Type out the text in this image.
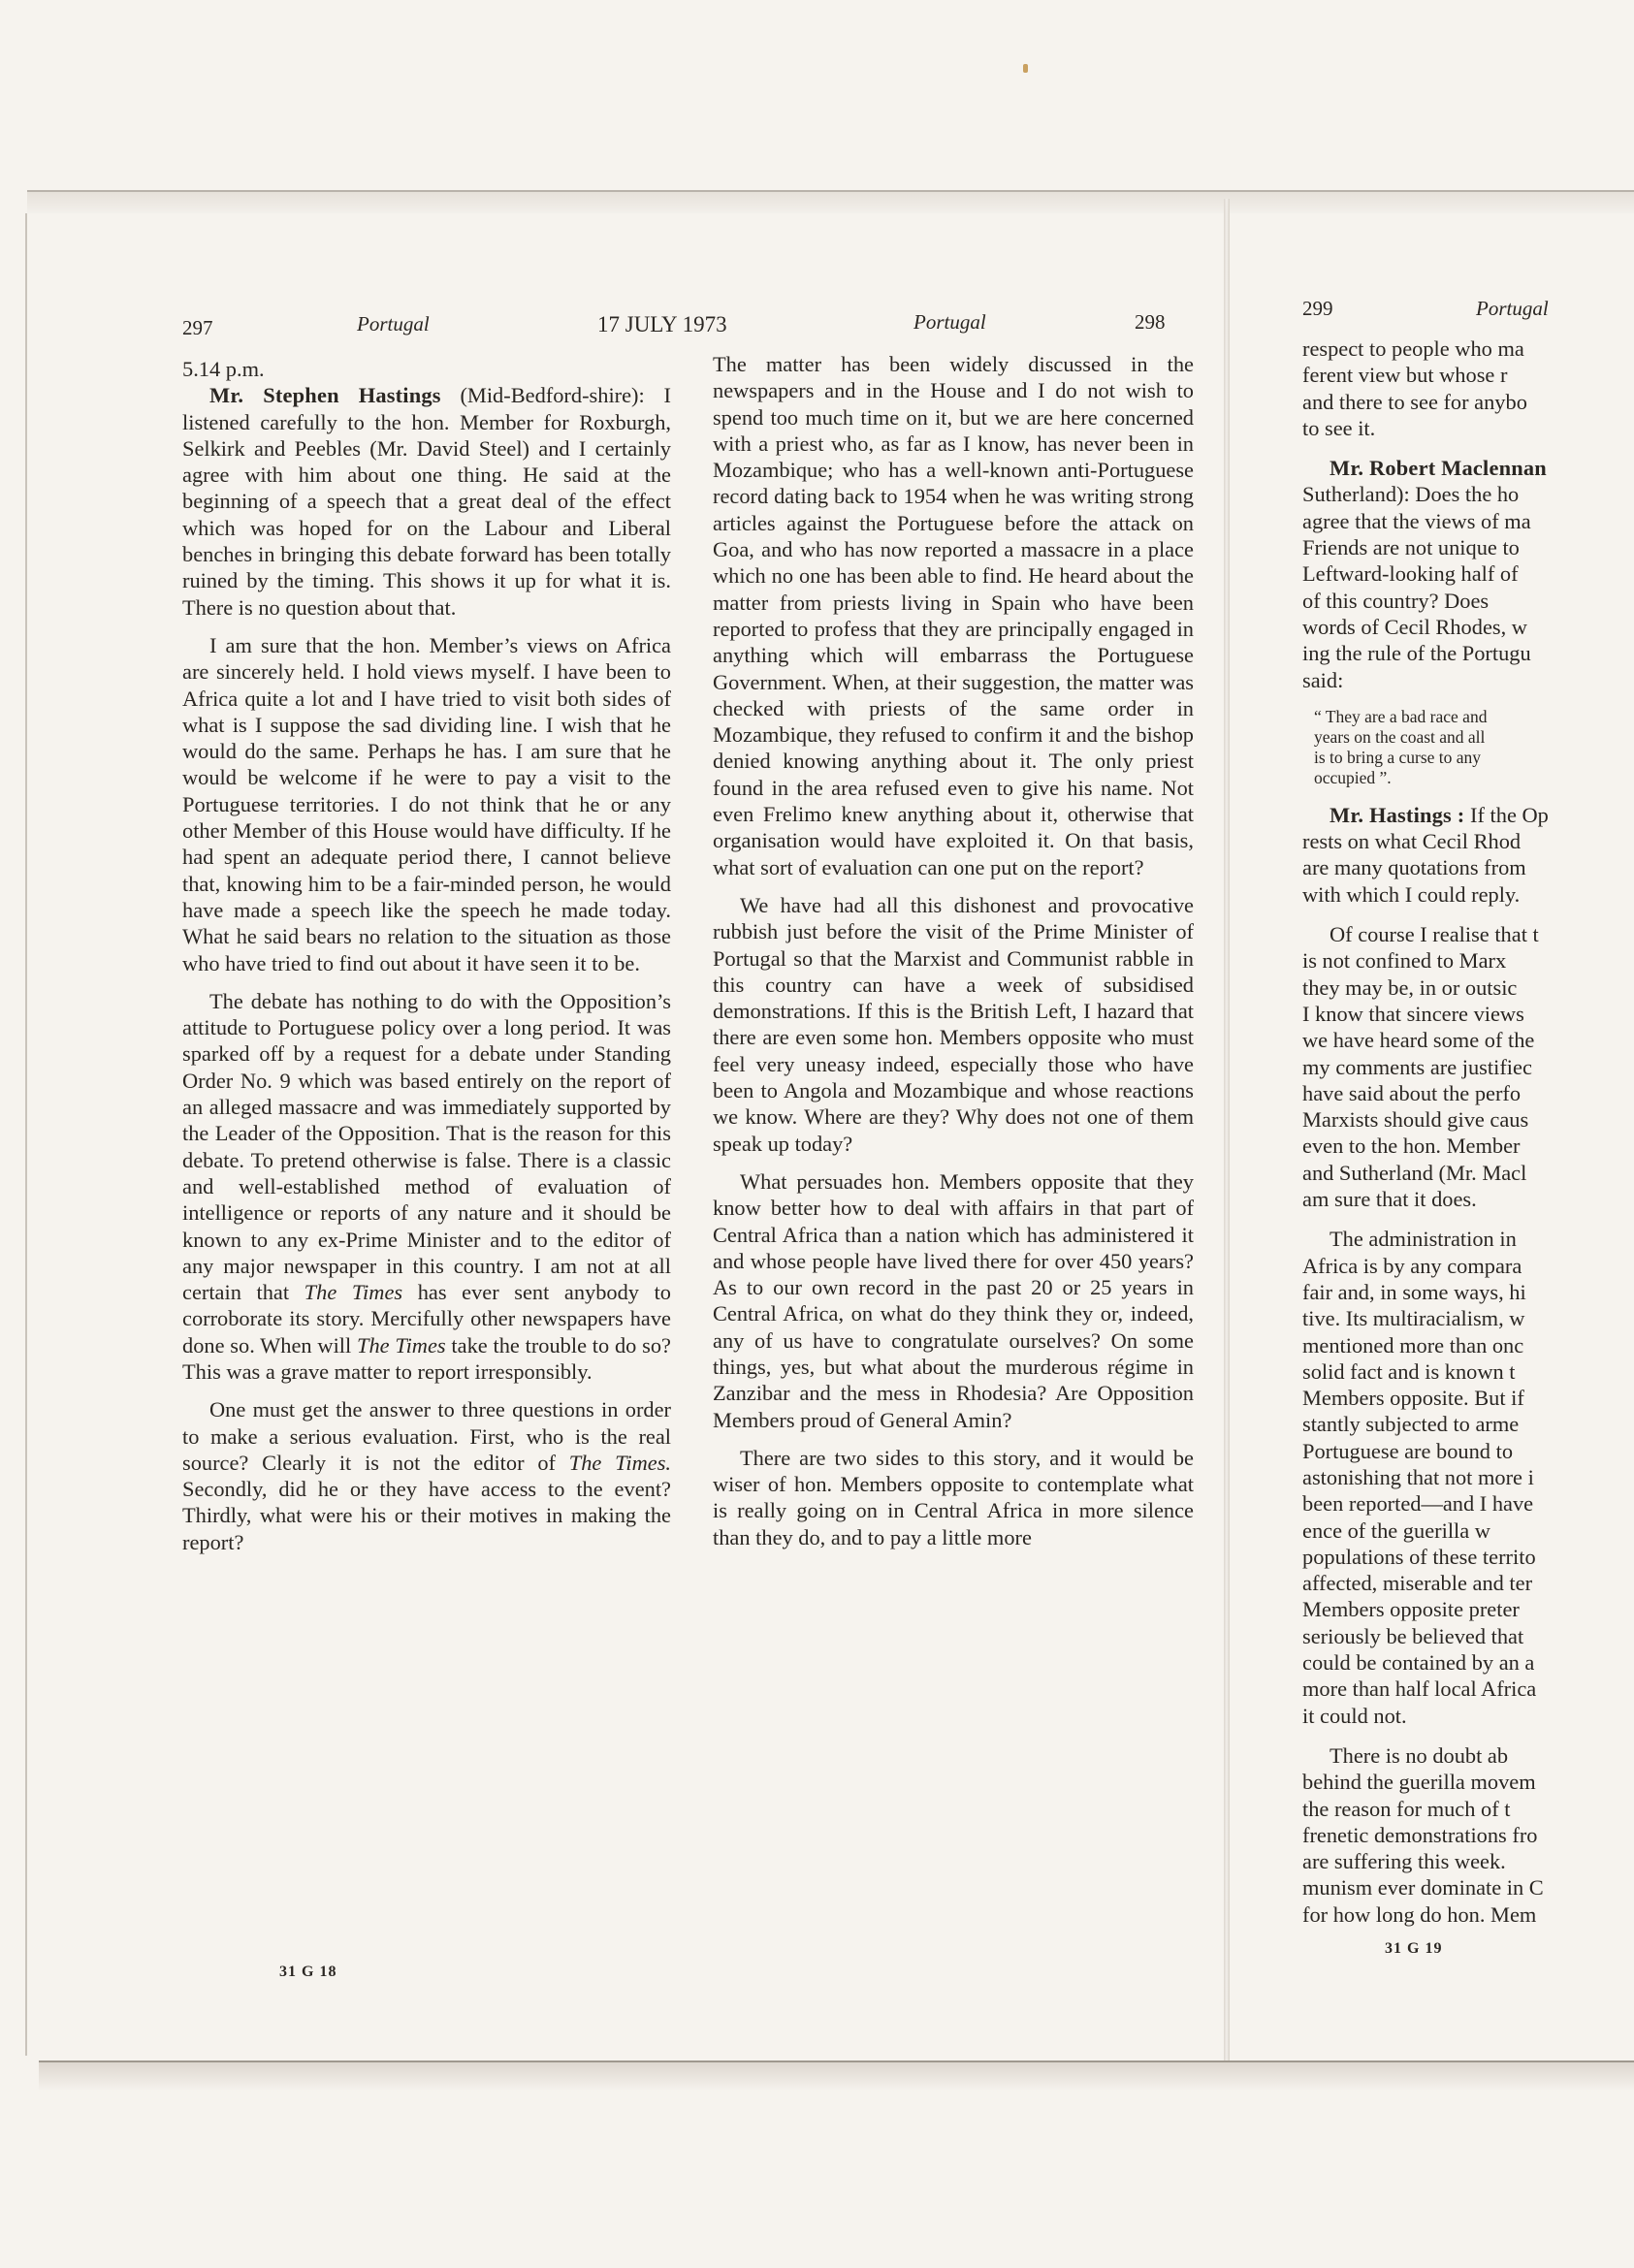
297	Portugal	17 JULY 1973	Portugal	298
299	Portugal

5.14 p.m.

Mr. Stephen Hastings (Mid-Bedford-shire): I listened carefully to the hon. Member for Roxburgh, Selkirk and Peebles (Mr. David Steel) and I certainly agree with him about one thing. He said at the beginning of a speech that a great deal of the effect which was hoped for on the Labour and Liberal benches in bringing this debate forward has been totally ruined by the timing. This shows it up for what it is. There is no question about that.

I am sure that the hon. Member’s views on Africa are sincerely held. I hold views myself. I have been to Africa quite a lot and I have tried to visit both sides of what is I suppose the sad dividing line. I wish that he would do the same. Perhaps he has. I am sure that he would be welcome if he were to pay a visit to the Portuguese territories. I do not think that he or any other Member of this House would have difficulty. If he had spent an adequate period there, I cannot believe that, knowing him to be a fair-minded person, he would have made a speech like the speech he made today. What he said bears no relation to the situation as those who have tried to find out about it have seen it to be.

The debate has nothing to do with the Opposition’s attitude to Portuguese policy over a long period. It was sparked off by a request for a debate under Standing Order No. 9 which was based entirely on the report of an alleged massacre and was immediately supported by the Leader of the Opposition. That is the reason for this debate. To pretend otherwise is false. There is a classic and well-established method of evaluation of intelligence or reports of any nature and it should be known to any ex-Prime Minister and to the editor of any major newspaper in this country. I am not at all certain that The Times has ever sent anybody to corroborate its story. Mercifully other newspapers have done so. When will The Times take the trouble to do so? This was a grave matter to report irresponsibly.

One must get the answer to three questions in order to make a serious evaluation. First, who is the real source? Clearly it is not the editor of The Times. Secondly, did he or they have access to the event? Thirdly, what were his or their motives in making the report?

31 G 18

The matter has been widely discussed in the newspapers and in the House and I do not wish to spend too much time on it, but we are here concerned with a priest who, as far as I know, has never been in Mozambique; who has a well-known anti-Portuguese record dating back to 1954 when he was writing strong articles against the Portuguese before the attack on Goa, and who has now reported a massacre in a place which no one has been able to find. He heard about the matter from priests living in Spain who have been reported to profess that they are principally engaged in anything which will embarrass the Portuguese Government. When, at their suggestion, the matter was checked with priests of the same order in Mozambique, they refused to confirm it and the bishop denied knowing anything about it. The only priest found in the area refused even to give his name. Not even Frelimo knew anything about it, otherwise that organisation would have exploited it. On that basis, what sort of evaluation can one put on the report?

We have had all this dishonest and provocative rubbish just before the visit of the Prime Minister of Portugal so that the Marxist and Communist rabble in this country can have a week of subsidised demonstrations. If this is the British Left, I hazard that there are even some hon. Members opposite who must feel very uneasy indeed, especially those who have been to Angola and Mozambique and whose reactions we know. Where are they? Why does not one of them speak up today?

What persuades hon. Members opposite that they know better how to deal with affairs in that part of Central Africa than a nation which has administered it and whose people have lived there for over 450 years? As to our own record in the past 20 or 25 years in Central Africa, on what do they think they or, indeed, any of us have to congratulate ourselves? On some things, yes, but what about the murderous régime in Zanzibar and the mess in Rhodesia? Are Opposition Members proud of General Amin?

There are two sides to this story, and it would be wiser of hon. Members opposite to contemplate what is really going on in Central Africa in more silence than they do, and to pay a little more

respect to people who ma
ferent view but whose r
and there to see for anybo
to see it.
Mr. Robert Maclennan
Sutherland): Does the ho
agree that the views of ma
Friends are not unique to
Leftward-looking half of
of this country? Does
words of Cecil Rhodes, w
ing the rule of the Portugu
said:
“ They are a bad race and
years on the coast and all
is to bring a curse to any
occupied ”.
Mr. Hastings : If the Op
rests on what Cecil Rhod
are many quotations from
with which I could reply.
Of course I realise that t
is not confined to Marx
they may be, in or outsic
I know that sincere views
we have heard some of the
my comments are justifiec
have said about the perfo
Marxists should give caus
even to the hon. Member
and Sutherland (Mr. Macl
am sure that it does.
The administration in
Africa is by any compara
fair and, in some ways, hi
tive. Its multiracialism, w
mentioned more than onc
solid fact and is known t
Members opposite. But if
stantly subjected to arme
Portuguese are bound to
astonishing that not more i
been reported—and I have
ence of the guerilla w
populations of these territo
affected, miserable and ter
Members opposite preter
seriously be believed that
could be contained by an a
more than half local Africa
it could not.
There is no doubt ab
behind the guerilla movem
the reason for much of t
frenetic demonstrations fro
are suffering this week.
munism ever dominate in C
for how long do hon. Mem
31 G 19
